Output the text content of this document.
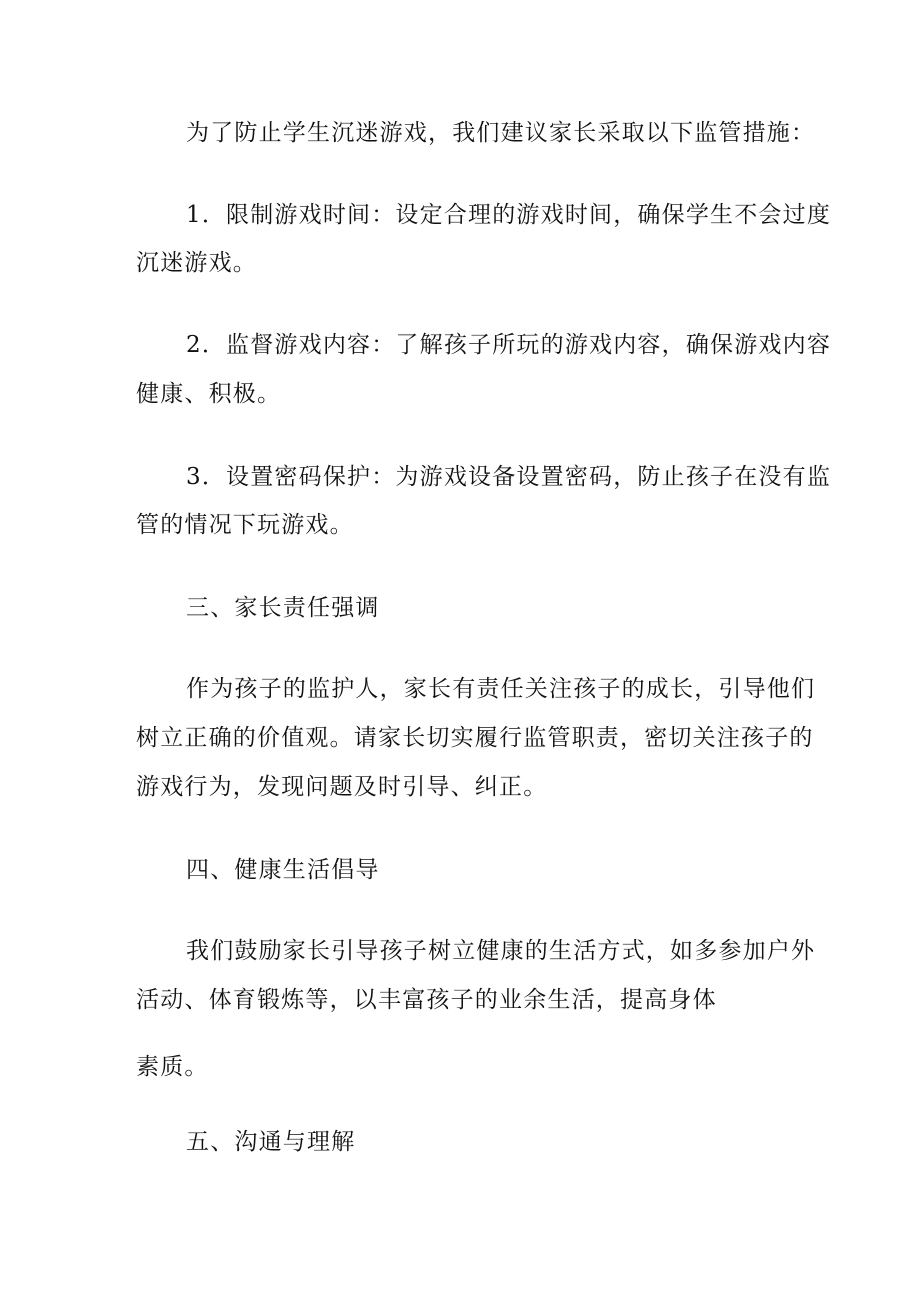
为了防止学生沉迷游戏，我们建议家长采取以下监管措施：
1．限制游戏时间：设定合理的游戏时间，确保学生不会过度
沉迷游戏。
2．监督游戏内容：了解孩子所玩的游戏内容，确保游戏内容
健康、积极。
3．设置密码保护：为游戏设备设置密码，防止孩子在没有监
管的情况下玩游戏。
三、家长责任强调
作为孩子的监护人，家长有责任关注孩子的成长，引导他们
树立正确的价值观。请家长切实履行监管职责，密切关注孩子的
游戏行为，发现问题及时引导、纠正。
四、健康生活倡导
我们鼓励家长引导孩子树立健康的生活方式，如多参加户外
活动、体育锻炼等，以丰富孩子的业余生活，提高身体
素质。
五、沟通与理解
